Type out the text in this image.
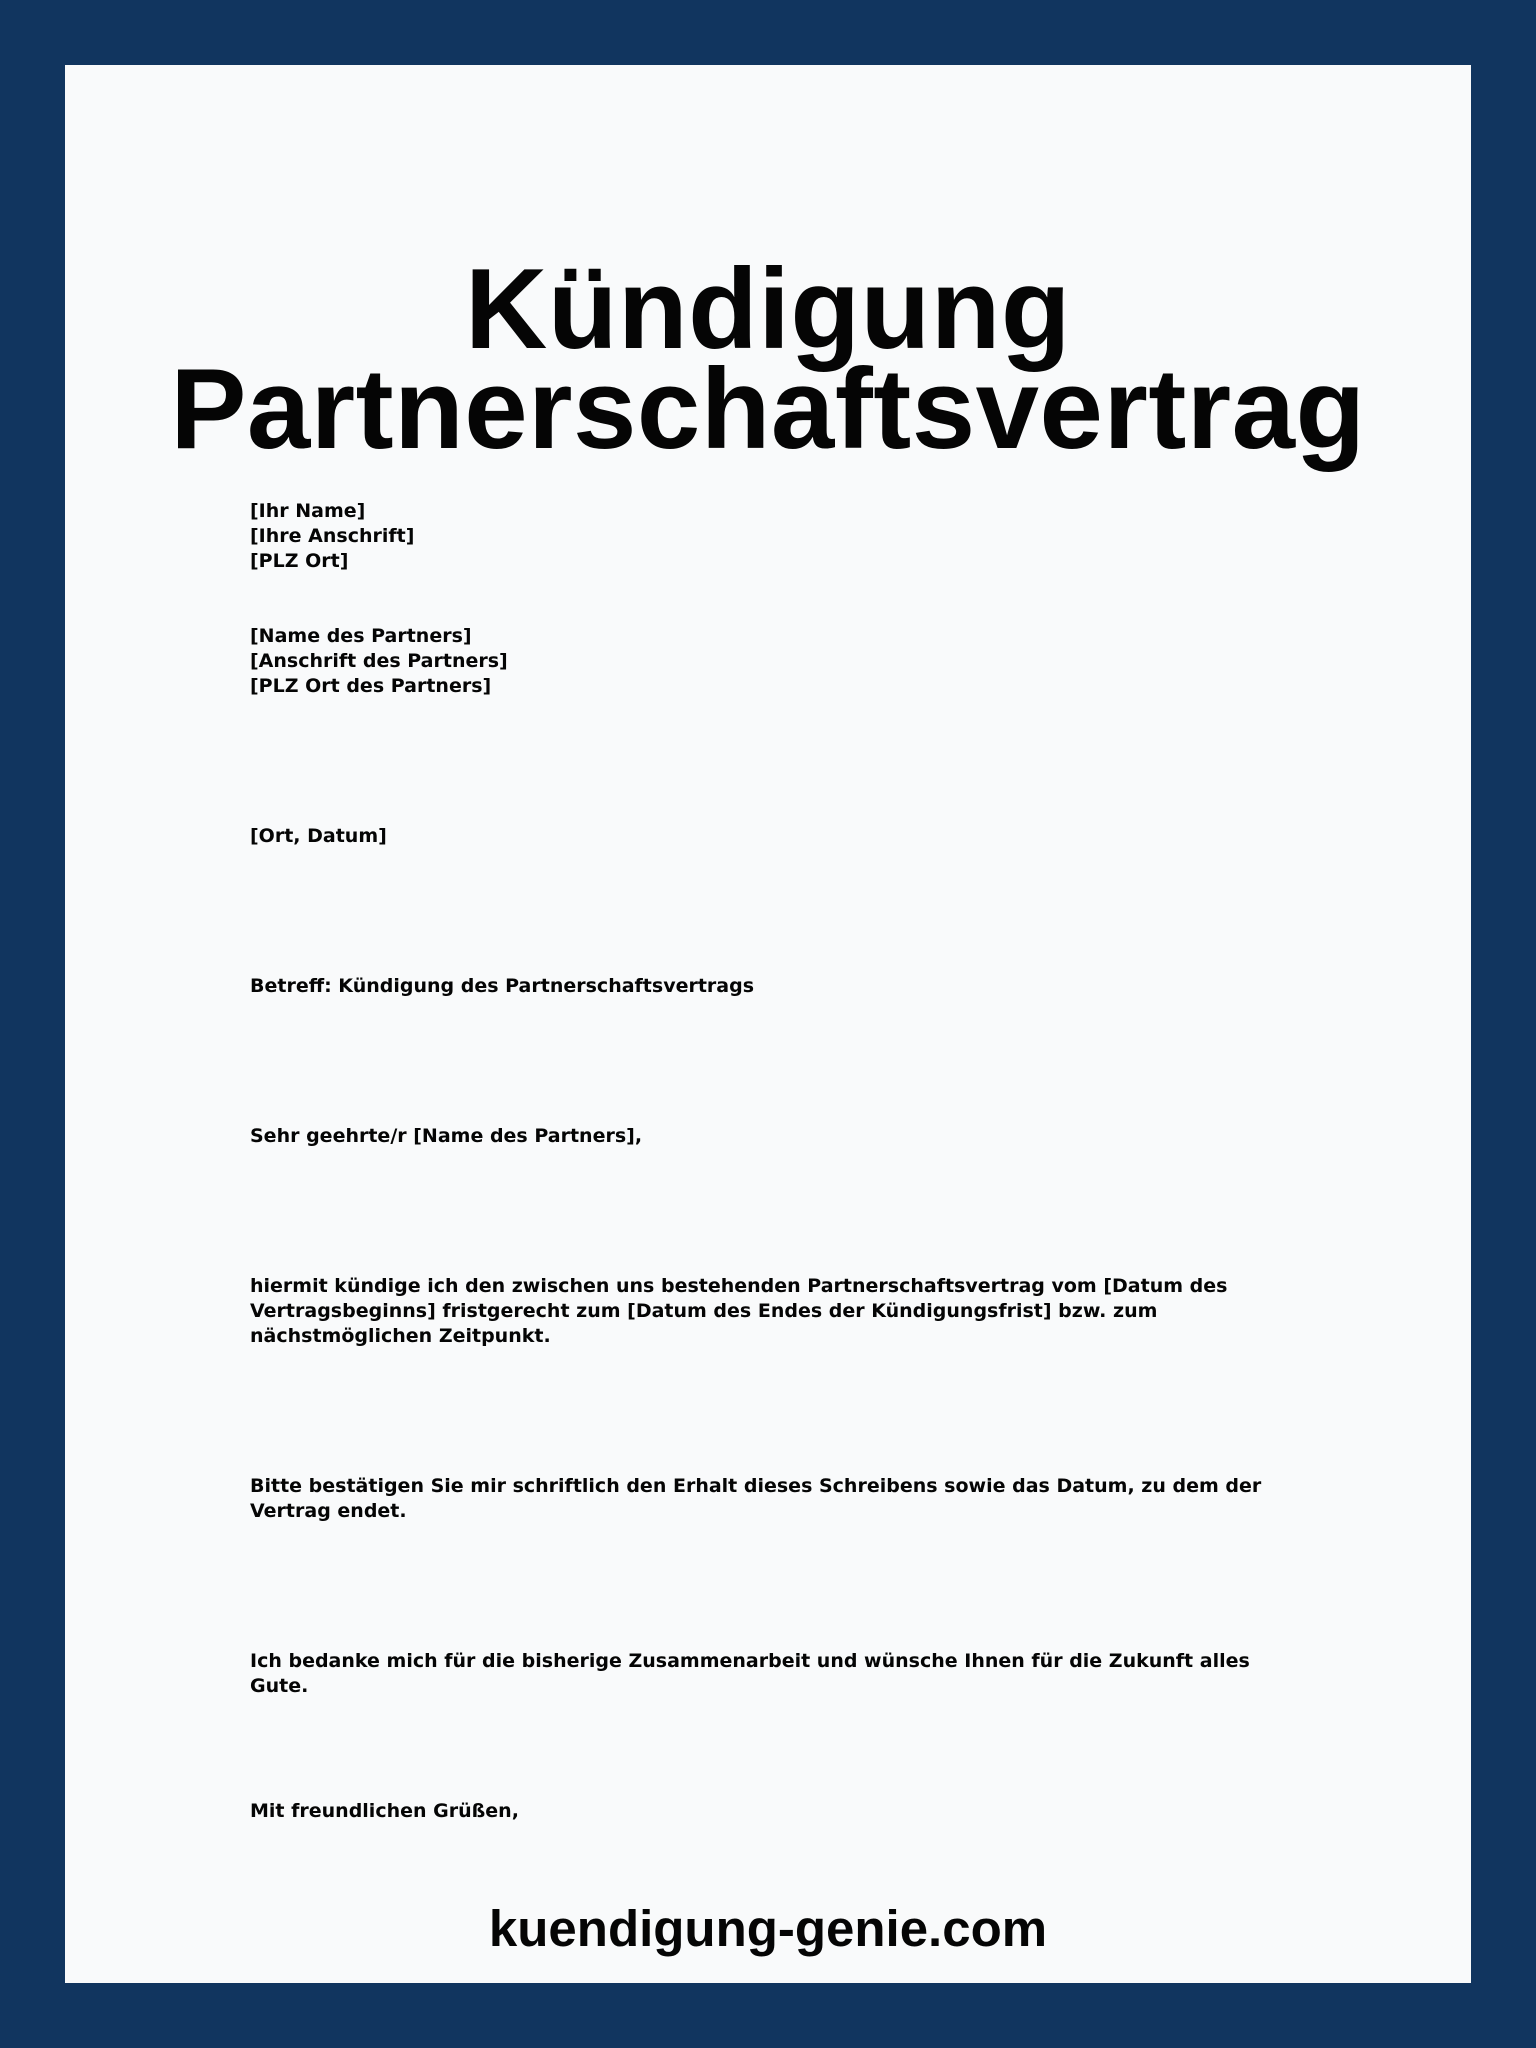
Kündigung
Partnerschaftsvertrag
[Ihr Name]
[Ihre Anschrift]
[PLZ Ort]
[Name des Partners]
[Anschrift des Partners]
[PLZ Ort des Partners]
[Ort, Datum]
Betreff: Kündigung des Partnerschaftsvertrags
Sehr geehrte/r [Name des Partners],
hiermit kündige ich den zwischen uns bestehenden Partnerschaftsvertrag vom [Datum des Vertragsbeginns] fristgerecht zum [Datum des Endes der Kündigungsfrist] bzw. zum nächstmöglichen Zeitpunkt.
Bitte bestätigen Sie mir schriftlich den Erhalt dieses Schreibens sowie das Datum, zu dem der Vertrag endet.
Ich bedanke mich für die bisherige Zusammenarbeit und wünsche Ihnen für die Zukunft alles Gute.
Mit freundlichen Grüßen,
kuendigung-genie.com
